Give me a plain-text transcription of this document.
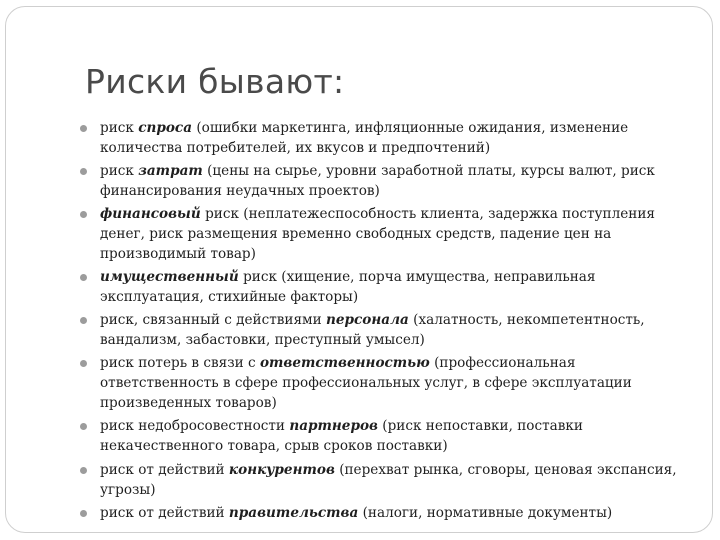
Риски бывают:
риск спроса (ошибки маркетинга, инфляционные ожидания, изменение количества потребителей, их вкусов и предпочтений)
риск затрат (цены на сырье, уровни заработной платы, курсы валют, риск финансирования неудачных проектов)
финансовый риск (неплатежеспособность клиента, задержка поступления денег, риск размещения временно свободных средств, падение цен на производимый товар)
имущественный риск (хищение, порча имущества, неправильная эксплуатация, стихийные факторы)
риск, связанный с действиями персонала (халатность, некомпетентность, вандализм, забастовки, преступный умысел)
риск потерь в связи с ответственностью (профессиональная ответственность в сфере профессиональных услуг, в сфере эксплуатации произведенных товаров)
риск недобросовестности партнеров (риск непоставки, поставки некачественного товара, срыв сроков поставки)
риск от действий конкурентов (перехват рынка, сговоры, ценовая экспансия, угрозы)
риск от действий правительства (налоги, нормативные документы)
